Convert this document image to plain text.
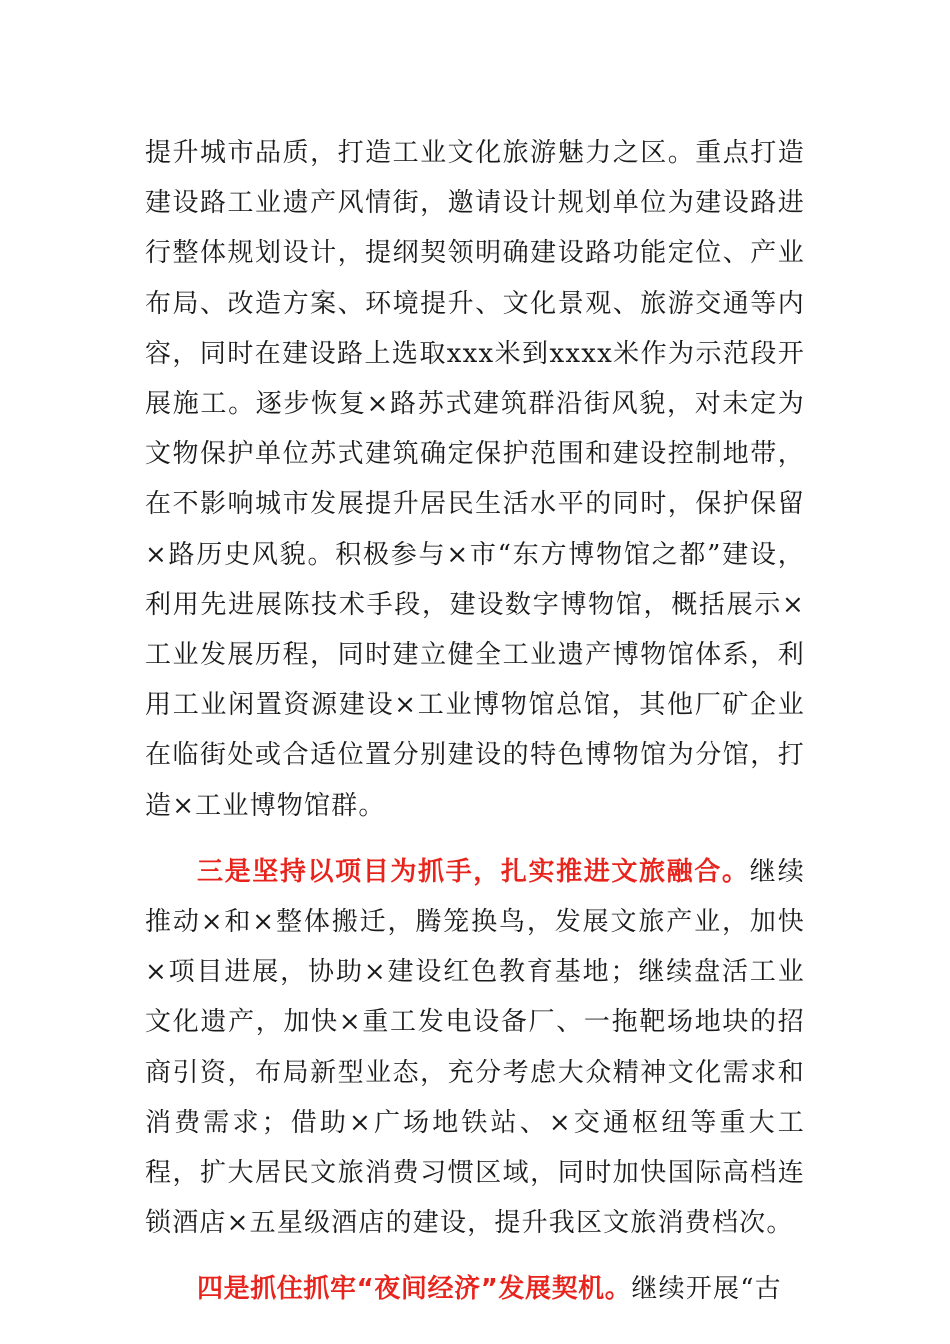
提升城市品质，打造工业文化旅游魅力之区。重点打造建设路工业遗产风情街，邀请设计规划单位为建设路进行整体规划设计，提纲契领明确建设路功能定位、产业布局、改造方案、环境提升、文化景观、旅游交通等内容，同时在建设路上选取xxx米到xxxx米作为示范段开展施工。逐步恢复×路苏式建筑群沿街风貌，对未定为文物保护单位苏式建筑确定保护范围和建设控制地带，在不影响城市发展提升居民生活水平的同时，保护保留×路历史风貌。积极参与×市“东方博物馆之都”建设，利用先进展陈技术手段，建设数字博物馆，概括展示×工业发展历程，同时建立健全工业遗产博物馆体系，利用工业闲置资源建设×工业博物馆总馆，其他厂矿企业在临街处或合适位置分别建设的特色博物馆为分馆，打造×工业博物馆群。

三是坚持以项目为抓手，扎实推进文旅融合。继续推动×和×整体搬迁，腾笼换鸟，发展文旅产业，加快×项目进展，协助×建设红色教育基地；继续盘活工业文化遗产，加快×重工发电设备厂、一拖靶场地块的招商引资，布局新型业态，充分考虑大众精神文化需求和消费需求；借助×广场地铁站、×交通枢纽等重大工程，扩大居民文旅消费习惯区域，同时加快国际高档连锁酒店×五星级酒店的建设，提升我区文旅消费档次。

四是抓住抓牢“夜间经济”发展契机。继续开展“古
